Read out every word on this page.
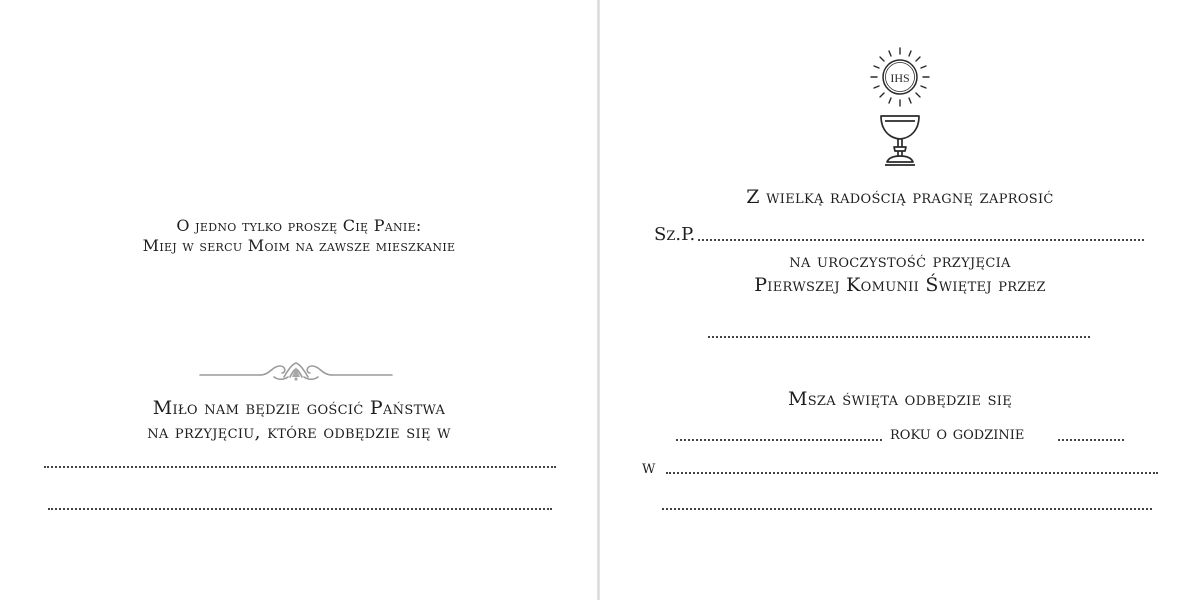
O jedno tylko proszę Cię Panie:
Miej w sercu Moim na zawsze mieszkanie
Miło nam będzie gościć Państwa
na przyjęciu, które odbędzie się w
IHS
Z wielką radością pragnę zaprosić
Sz.P.
na uroczystość przyjęcia
Pierwszej Komunii Świętej przez
Msza święta odbędzie się
roku o godzinie
w
